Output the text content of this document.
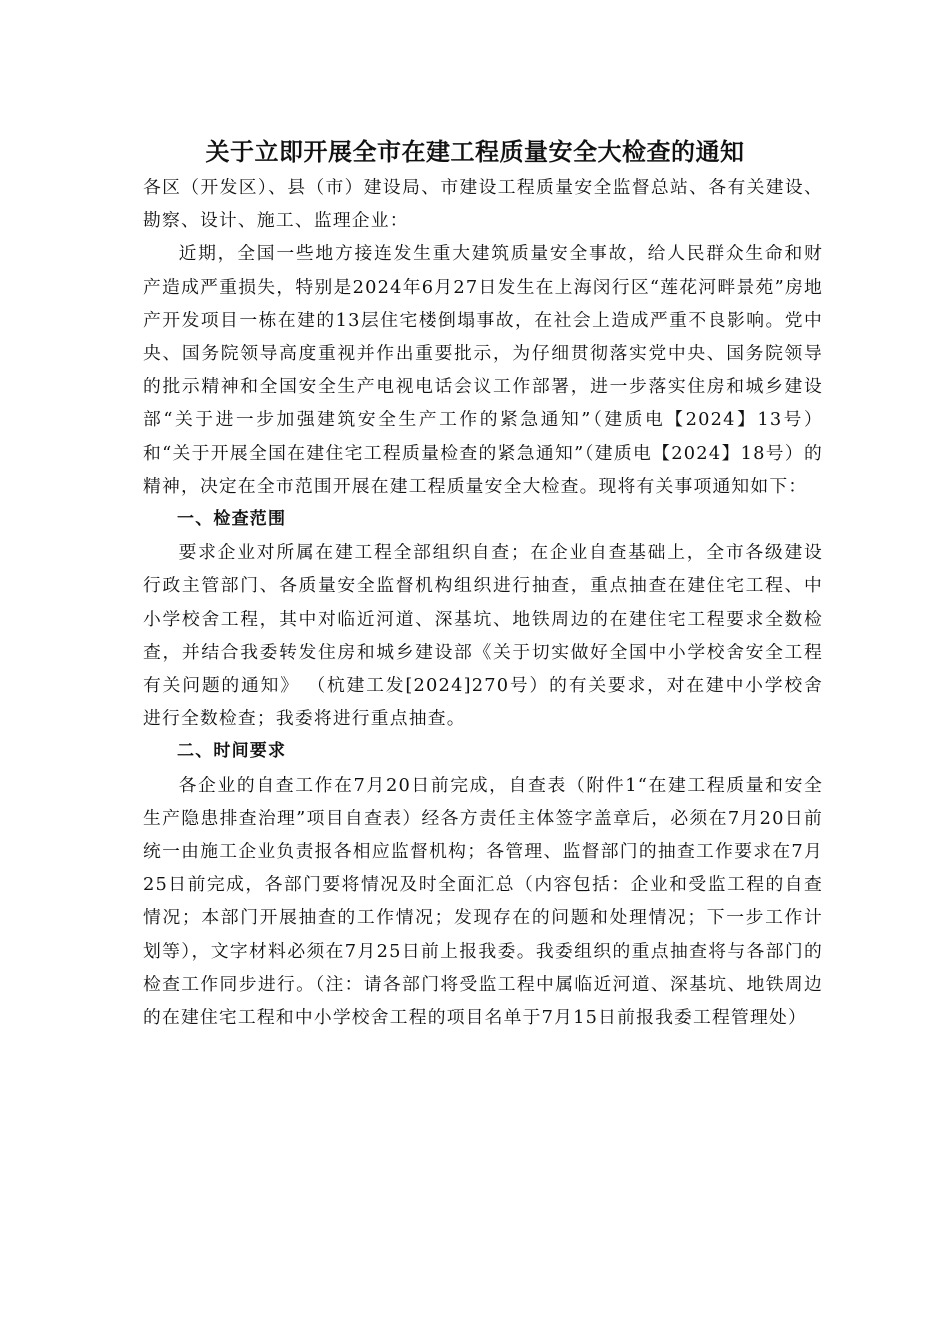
关于立即开展全市在建工程质量安全大检查的通知

各区（开发区）、县（市）建设局、市建设工程质量安全监督总站、各有关建设、勘察、设计、施工、监理企业：

近期，全国一些地方接连发生重大建筑质量安全事故，给人民群众生命和财产造成严重损失，特别是2024年6月27日发生在上海闵行区“莲花河畔景苑”房地产开发项目一栋在建的13层住宅楼倒塌事故，在社会上造成严重不良影响。党中央、国务院领导高度重视并作出重要批示，为仔细贯彻落实党中央、国务院领导的批示精神和全国安全生产电视电话会议工作部署，进一步落实住房和城乡建设部“关于进一步加强建筑安全生产工作的紧急通知”（建质电【2024】13号）和“关于开展全国在建住宅工程质量检查的紧急通知”（建质电【2024】18号）的精神，决定在全市范围开展在建工程质量安全大检查。现将有关事项通知如下：

一、检查范围

要求企业对所属在建工程全部组织自查；在企业自查基础上，全市各级建设行政主管部门、各质量安全监督机构组织进行抽查，重点抽查在建住宅工程、中小学校舍工程，其中对临近河道、深基坑、地铁周边的在建住宅工程要求全数检查，并结合我委转发住房和城乡建设部《关于切实做好全国中小学校舍安全工程有关问题的通知》 （杭建工发[2024]270号）的有关要求，对在建中小学校舍进行全数检查；我委将进行重点抽查。

二、时间要求

各企业的自查工作在7月20日前完成，自查表（附件1“在建工程质量和安全生产隐患排查治理”项目自查表）经各方责任主体签字盖章后，必须在7月20日前统一由施工企业负责报各相应监督机构；各管理、监督部门的抽查工作要求在7月25日前完成，各部门要将情况及时全面汇总（内容包括：企业和受监工程的自查情况；本部门开展抽查的工作情况；发现存在的问题和处理情况；下一步工作计划等），文字材料必须在7月25日前上报我委。我委组织的重点抽查将与各部门的检查工作同步进行。（注：请各部门将受监工程中属临近河道、深基坑、地铁周边的在建住宅工程和中小学校舍工程的项目名单于7月15日前报我委工程管理处）
